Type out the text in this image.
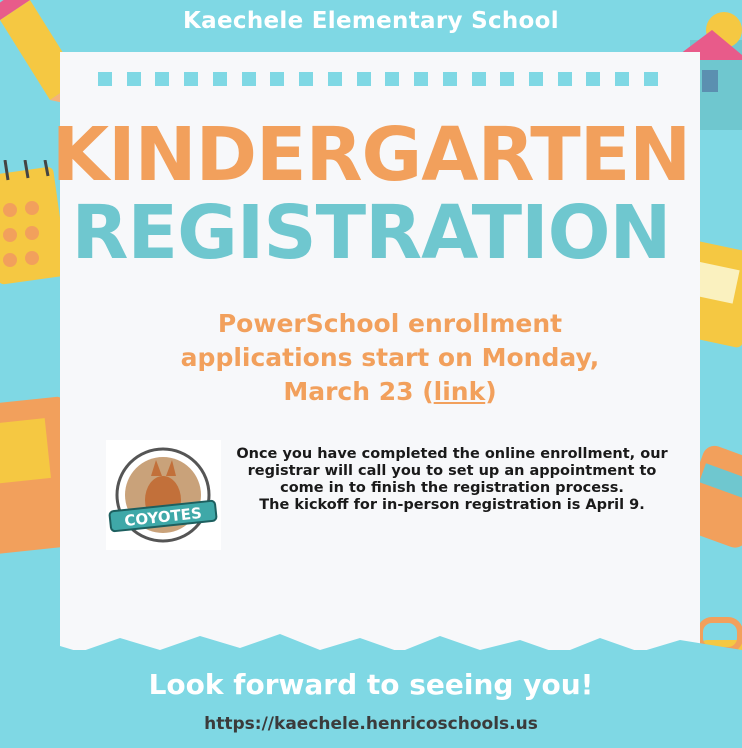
Kaechele Elementary School
KINDERGARTEN
REGISTRATION
PowerSchool enrollment applications start on Monday, March 23 (link)
COYOTES
Once you have completed the online enrollment, our registrar will call you to set up an appointment to come in to finish the registration process.
The kickoff for in-person registration is April 9.
Look forward to seeing you!
https://kaechele.henricoschools.us
